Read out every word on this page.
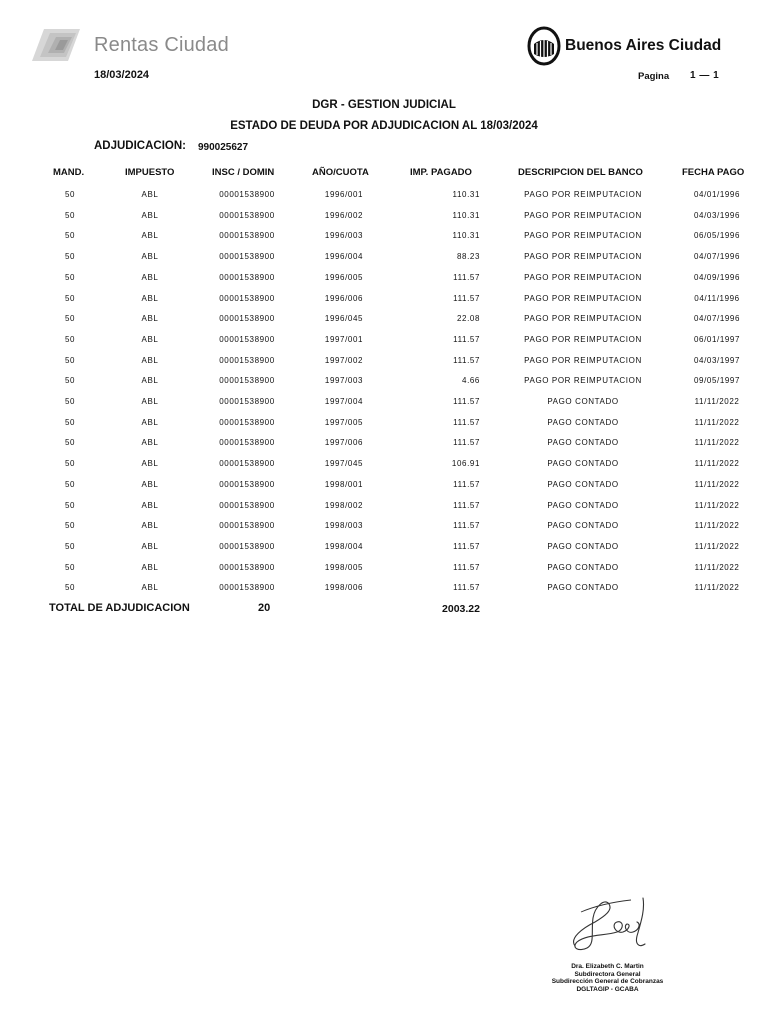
Rentas Ciudad	Buenos Aires Ciudad
18/03/2024	Pagina 1 — 1
DGR - GESTION JUDICIAL
ESTADO DE DEUDA POR ADJUDICACION AL 18/03/2024
ADJUDICACION: 990025627
MAND.	IMPUESTO	INSC / DOMIN	AÑO/CUOTA	IMP. PAGADO	DESCRIPCION DEL BANCO	FECHA PAGO
50	ABL	00001538900	1996/001	110.31	PAGO POR REIMPUTACION	04/01/1996
50	ABL	00001538900	1996/002	110.31	PAGO POR REIMPUTACION	04/03/1996
50	ABL	00001538900	1996/003	110.31	PAGO POR REIMPUTACION	06/05/1996
50	ABL	00001538900	1996/004	88.23	PAGO POR REIMPUTACION	04/07/1996
50	ABL	00001538900	1996/005	111.57	PAGO POR REIMPUTACION	04/09/1996
50	ABL	00001538900	1996/006	111.57	PAGO POR REIMPUTACION	04/11/1996
50	ABL	00001538900	1996/045	22.08	PAGO POR REIMPUTACION	04/07/1996
50	ABL	00001538900	1997/001	111.57	PAGO POR REIMPUTACION	06/01/1997
50	ABL	00001538900	1997/002	111.57	PAGO POR REIMPUTACION	04/03/1997
50	ABL	00001538900	1997/003	4.66	PAGO POR REIMPUTACION	09/05/1997
50	ABL	00001538900	1997/004	111.57	PAGO CONTADO	11/11/2022
50	ABL	00001538900	1997/005	111.57	PAGO CONTADO	11/11/2022
50	ABL	00001538900	1997/006	111.57	PAGO CONTADO	11/11/2022
50	ABL	00001538900	1997/045	106.91	PAGO CONTADO	11/11/2022
50	ABL	00001538900	1998/001	111.57	PAGO CONTADO	11/11/2022
50	ABL	00001538900	1998/002	111.57	PAGO CONTADO	11/11/2022
50	ABL	00001538900	1998/003	111.57	PAGO CONTADO	11/11/2022
50	ABL	00001538900	1998/004	111.57	PAGO CONTADO	11/11/2022
50	ABL	00001538900	1998/005	111.57	PAGO CONTADO	11/11/2022
50	ABL	00001538900	1998/006	111.57	PAGO CONTADO	11/11/2022
TOTAL DE ADJUDICACION	20	2003.22
Dra. Elizabeth C. Martin
Subdirectora General
Subdirección General de Cobranzas
DGLTAGIP - GCABA
